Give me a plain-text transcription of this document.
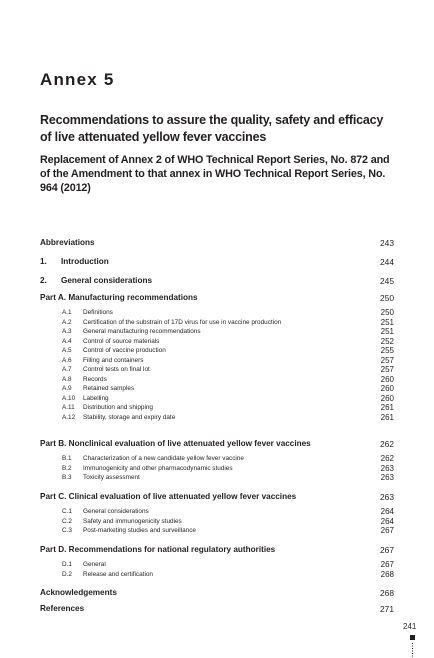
Annex 5
Recommendations to assure the quality, safety and efficacy of live attenuated yellow fever vaccines
Replacement of Annex 2 of WHO Technical Report Series, No. 872 and of the Amendment to that annex in WHO Technical Report Series, No. 964 (2012)
Abbreviations	243
1. Introduction	244
2. General considerations	245
Part A. Manufacturing recommendations	250
A.1 Definitions	250
A.2 Certification of the substrain of 17D virus for use in vaccine production	251
A.3 General manufacturing recommendations	251
A.4 Control of source materials	252
A.5 Control of vaccine production	255
A.6 Filling and containers	257
A.7 Control tests on final lot	257
A.8 Records	260
A.9 Retained samples	260
A.10 Labelling	260
A.11 Distribution and shipping	261
A.12 Stability, storage and expiry date	261
Part B. Nonclinical evaluation of live attenuated yellow fever vaccines	262
B.1 Characterization of a new candidate yellow fever vaccine	262
B.2 Immunogenicity and other pharmacodynamic studies	263
B.3 Toxicity assessment	263
Part C. Clinical evaluation of live attenuated yellow fever vaccines	263
C.1 General considerations	264
C.2 Safety and immunogenicity studies	264
C.3 Post-marketing studies and surveillance	267
Part D. Recommendations for national regulatory authorities	267
D.1 General	267
D.2 Release and certification	268
Acknowledgements	268
References	271
241
